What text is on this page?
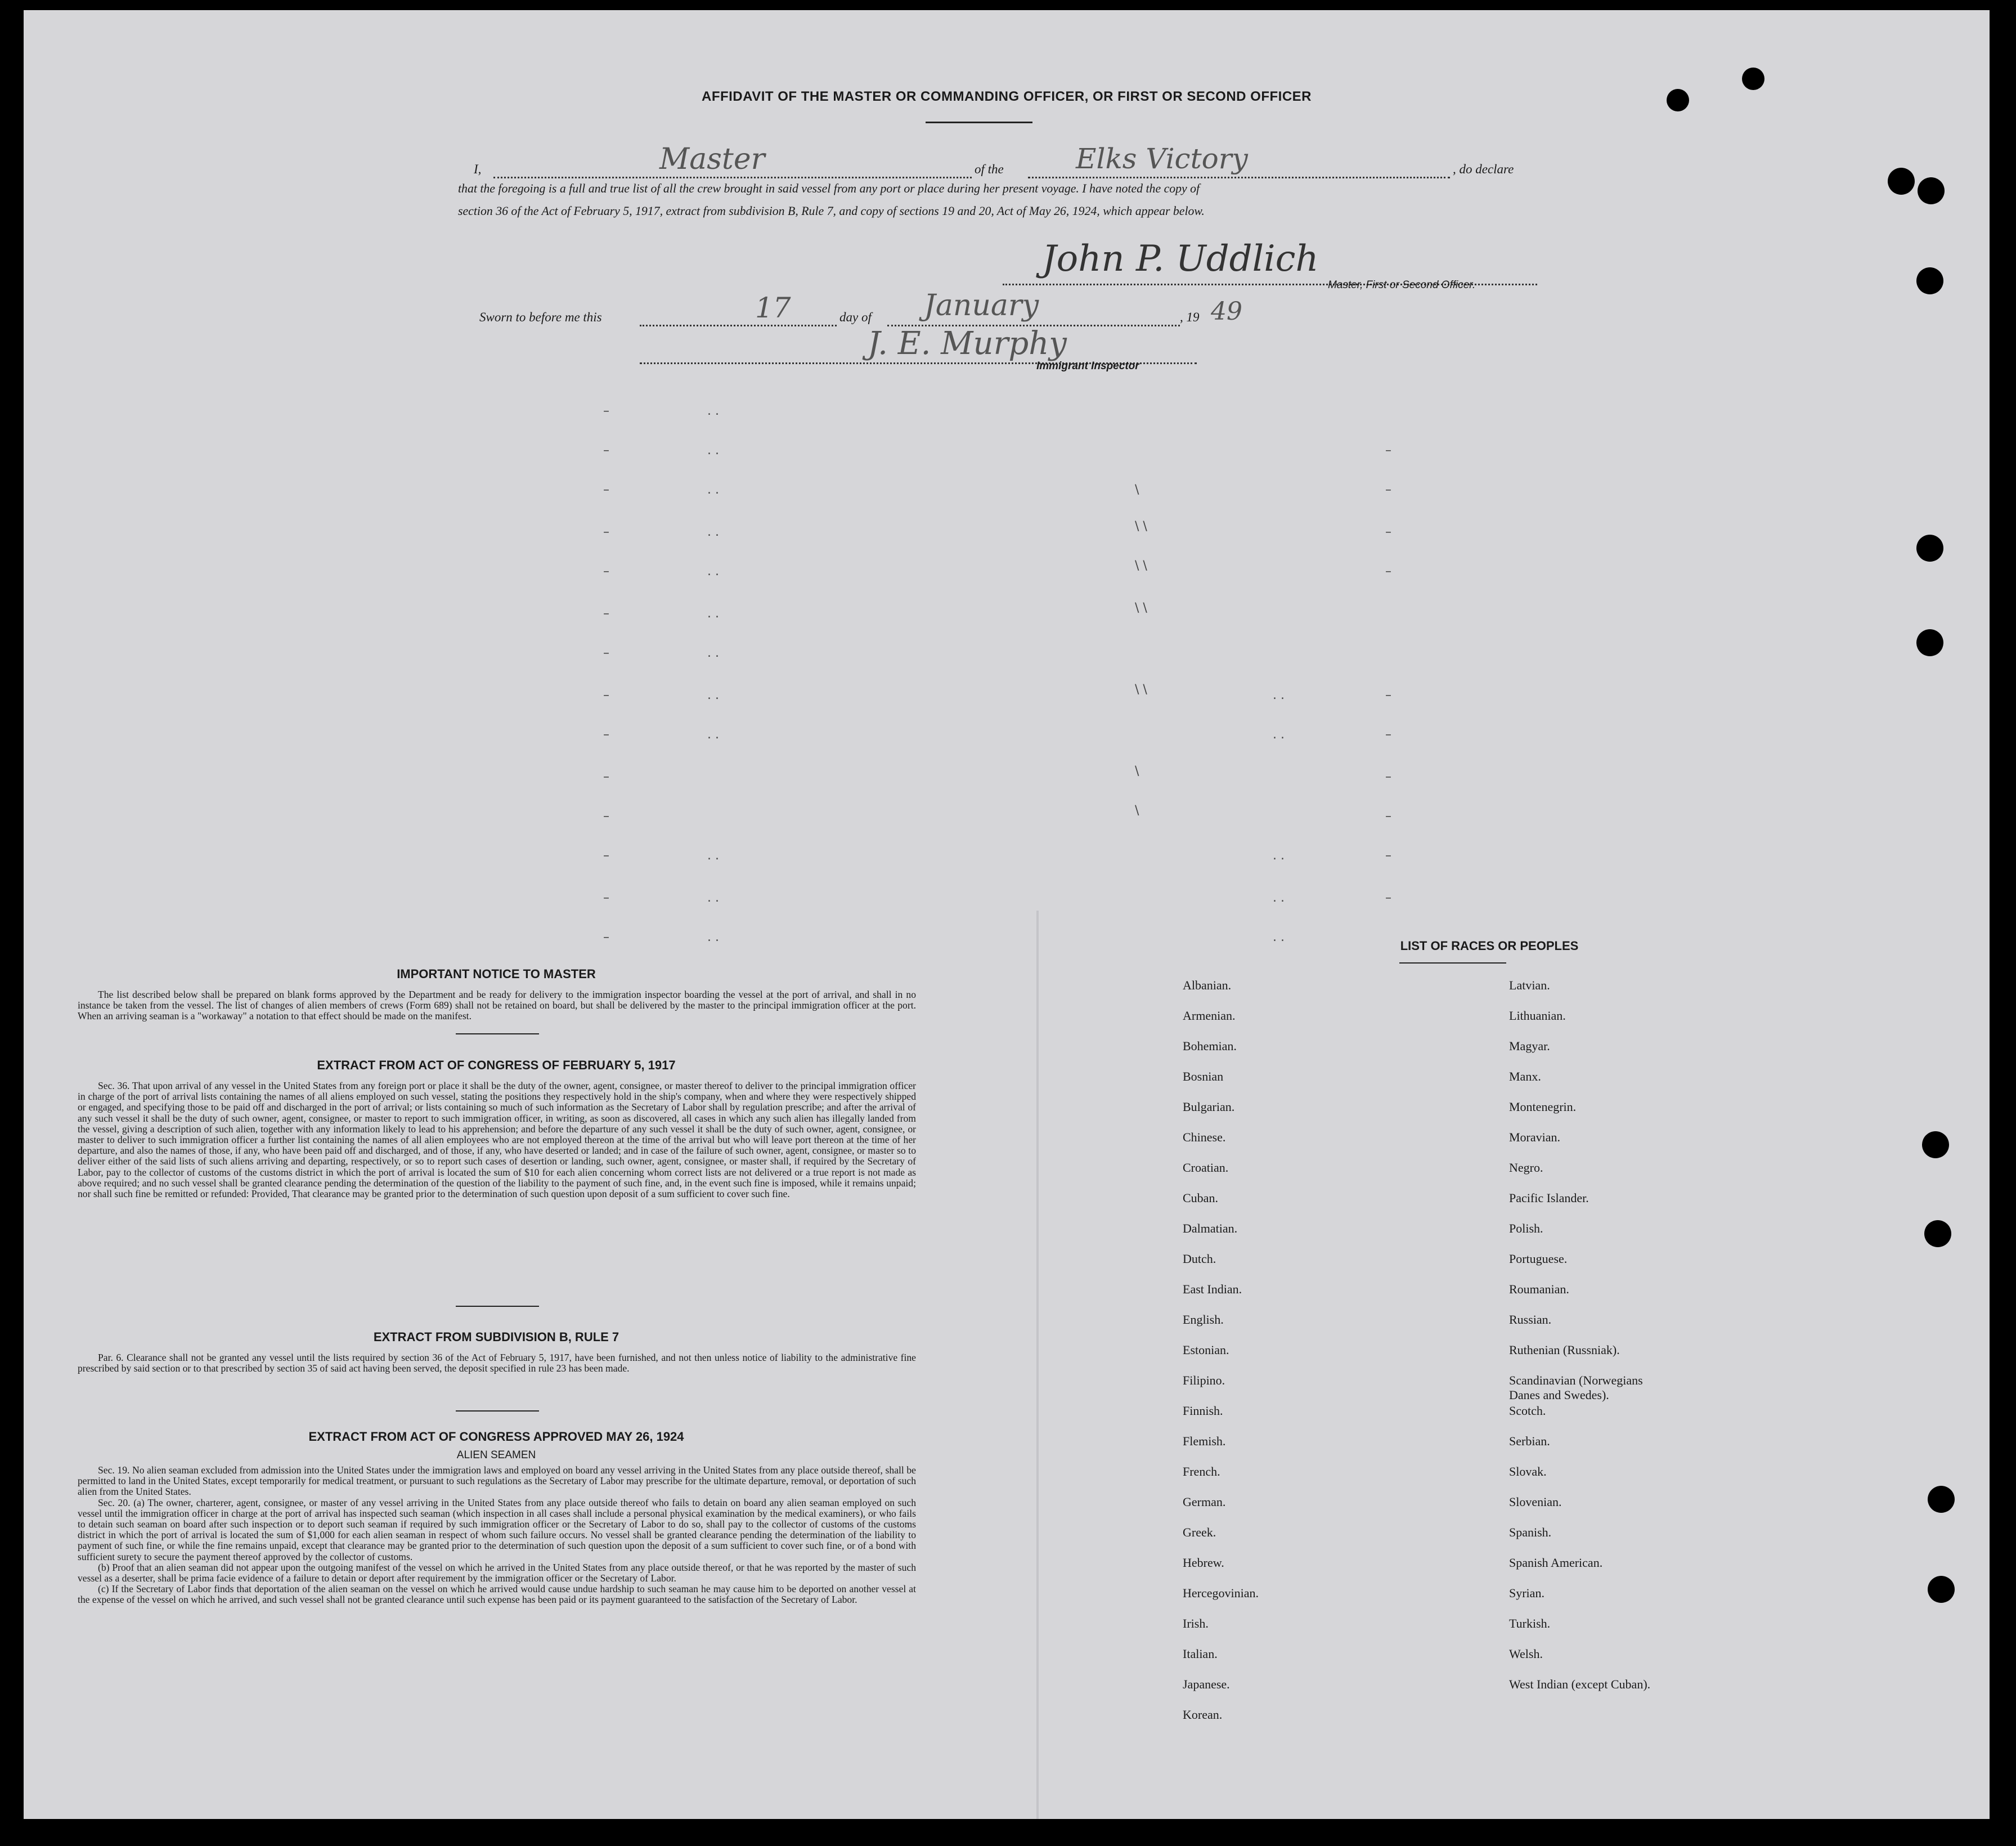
AFFIDAVIT OF THE MASTER OR COMMANDING OFFICER, OR FIRST OR SECOND OFFICER
I,	Master	of the	Elks Victory	, do declare
that the foregoing is a full and true list of all the crew brought in said vessel from any port or place during her present voyage. I have noted the copy of
section 36 of the Act of February 5, 1917, extract from subdivision B, Rule 7, and copy of sections 19 and 20, Act of May 26, 1924, which appear below.
John P. Uddlich
Master, First or Second Officer.
Sworn to before me this	17	day of January	, 19 49
J. E. Murphy
Immigrant Inspector
–
–
–
–
–
–
–
–
–
–
–
–
–
–
. .
. .
. .
. .
. .
. .
. .
. .
. .
. .
. .
. .
–
–
–
–
–
–
–
–
–
–
. .
. .
. .
. .
. .
\
\ \
\ \
\ \
\ \
\
\
IMPORTANT NOTICE TO MASTER

The list described below shall be prepared on blank forms approved by the Department and be ready for delivery to the immigration inspector boarding the vessel at the port of arrival, and shall in no instance be taken from the vessel. The list of changes of alien members of crews (Form 689) shall not be retained on board, but shall be delivered by the master to the principal immigration officer at the port. When an arriving seaman is a "workaway" a notation to that effect should be made on the manifest.

EXTRACT FROM ACT OF CONGRESS OF FEBRUARY 5, 1917

Sec. 36. That upon arrival of any vessel in the United States from any foreign port or place it shall be the duty of the owner, agent, consignee, or master thereof to deliver to the principal immigration officer in charge of the port of arrival lists containing the names of all aliens employed on such vessel, stating the positions they respectively hold in the ship's company, when and where they were respectively shipped or engaged, and specifying those to be paid off and discharged in the port of arrival; or lists containing so much of such information as the Secretary of Labor shall by regulation prescribe; and after the arrival of any such vessel it shall be the duty of such owner, agent, consignee, or master to report to such immigration officer, in writing, as soon as discovered, all cases in which any such alien has illegally landed from the vessel, giving a description of such alien, together with any information likely to lead to his apprehension; and before the departure of any such vessel it shall be the duty of such owner, agent, consignee, or master to deliver to such immigration officer a further list containing the names of all alien employees who are not employed thereon at the time of the arrival but who will leave port thereon at the time of her departure, and also the names of those, if any, who have been paid off and discharged, and of those, if any, who have deserted or landed; and in case of the failure of such owner, agent, consignee, or master so to deliver either of the said lists of such aliens arriving and departing, respectively, or so to report such cases of desertion or landing, such owner, agent, consignee, or master shall, if required by the Secretary of Labor, pay to the collector of customs of the customs district in which the port of arrival is located the sum of $10 for each alien concerning whom correct lists are not delivered or a true report is not made as above required; and no such vessel shall be granted clearance pending the determination of the question of the liability to the payment of such fine, and, in the event such fine is imposed, while it remains unpaid; nor shall such fine be remitted or refunded: Provided, That clearance may be granted prior to the determination of such question upon deposit of a sum sufficient to cover such fine.

EXTRACT FROM SUBDIVISION B, RULE 7

Par. 6. Clearance shall not be granted any vessel until the lists required by section 36 of the Act of February 5, 1917, have been furnished, and not then unless notice of liability to the administrative fine prescribed by said section or to that prescribed by section 35 of said act having been served, the deposit specified in rule 23 has been made.

EXTRACT FROM ACT OF CONGRESS APPROVED MAY 26, 1924
ALIEN SEAMEN

Sec. 19. No alien seaman excluded from admission into the United States under the immigration laws and employed on board any vessel arriving in the United States from any place outside thereof, shall be permitted to land in the United States, except temporarily for medical treatment, or pursuant to such regulations as the Secretary of Labor may prescribe for the ultimate departure, removal, or deportation of such alien from the United States.

Sec. 20. (a) The owner, charterer, agent, consignee, or master of any vessel arriving in the United States from any place outside thereof who fails to detain on board any alien seaman employed on such vessel until the immigration officer in charge at the port of arrival has inspected such seaman (which inspection in all cases shall include a personal physical examination by the medical examiners), or who fails to detain such seaman on board after such inspection or to deport such seaman if required by such immigration officer or the Secretary of Labor to do so, shall pay to the collector of customs of the customs district in which the port of arrival is located the sum of $1,000 for each alien seaman in respect of whom such failure occurs. No vessel shall be granted clearance pending the determination of the liability to payment of such fine, or while the fine remains unpaid, except that clearance may be granted prior to the determination of such question upon the deposit of a sum sufficient to cover such fine, or of a bond with sufficient surety to secure the payment thereof approved by the collector of customs.

(b) Proof that an alien seaman did not appear upon the outgoing manifest of the vessel on which he arrived in the United States from any place outside thereof, or that he was reported by the master of such vessel as a deserter, shall be prima facie evidence of a failure to detain or deport after requirement by the immigration officer or the Secretary of Labor.

(c) If the Secretary of Labor finds that deportation of the alien seaman on the vessel on which he arrived would cause undue hardship to such seaman he may cause him to be deported on another vessel at the expense of the vessel on which he arrived, and such vessel shall not be granted clearance until such expense has been paid or its payment guaranteed to the satisfaction of the Secretary of Labor.

LIST OF RACES OR PEOPLES
Albanian.
Armenian.
Bohemian.
Bosnian
Bulgarian.
Chinese.
Croatian.
Cuban.
Dalmatian.
Dutch.
East Indian.
English.
Estonian.
Filipino.
Finnish.
Flemish.
French.
German.
Greek.
Hebrew.
Hercegovinian.
Irish.
Italian.
Japanese.
Korean.
Latvian.
Lithuanian.
Magyar.
Manx.
Montenegrin.
Moravian.
Negro.
Pacific Islander.
Polish.
Portuguese.
Roumanian.
Russian.
Ruthenian (Russniak).
Scandinavian (Norwegians
Danes and Swedes).
Scotch.
Serbian.
Slovak.
Slovenian.
Spanish.
Spanish American.
Syrian.
Turkish.
Welsh.
West Indian (except Cuban).
